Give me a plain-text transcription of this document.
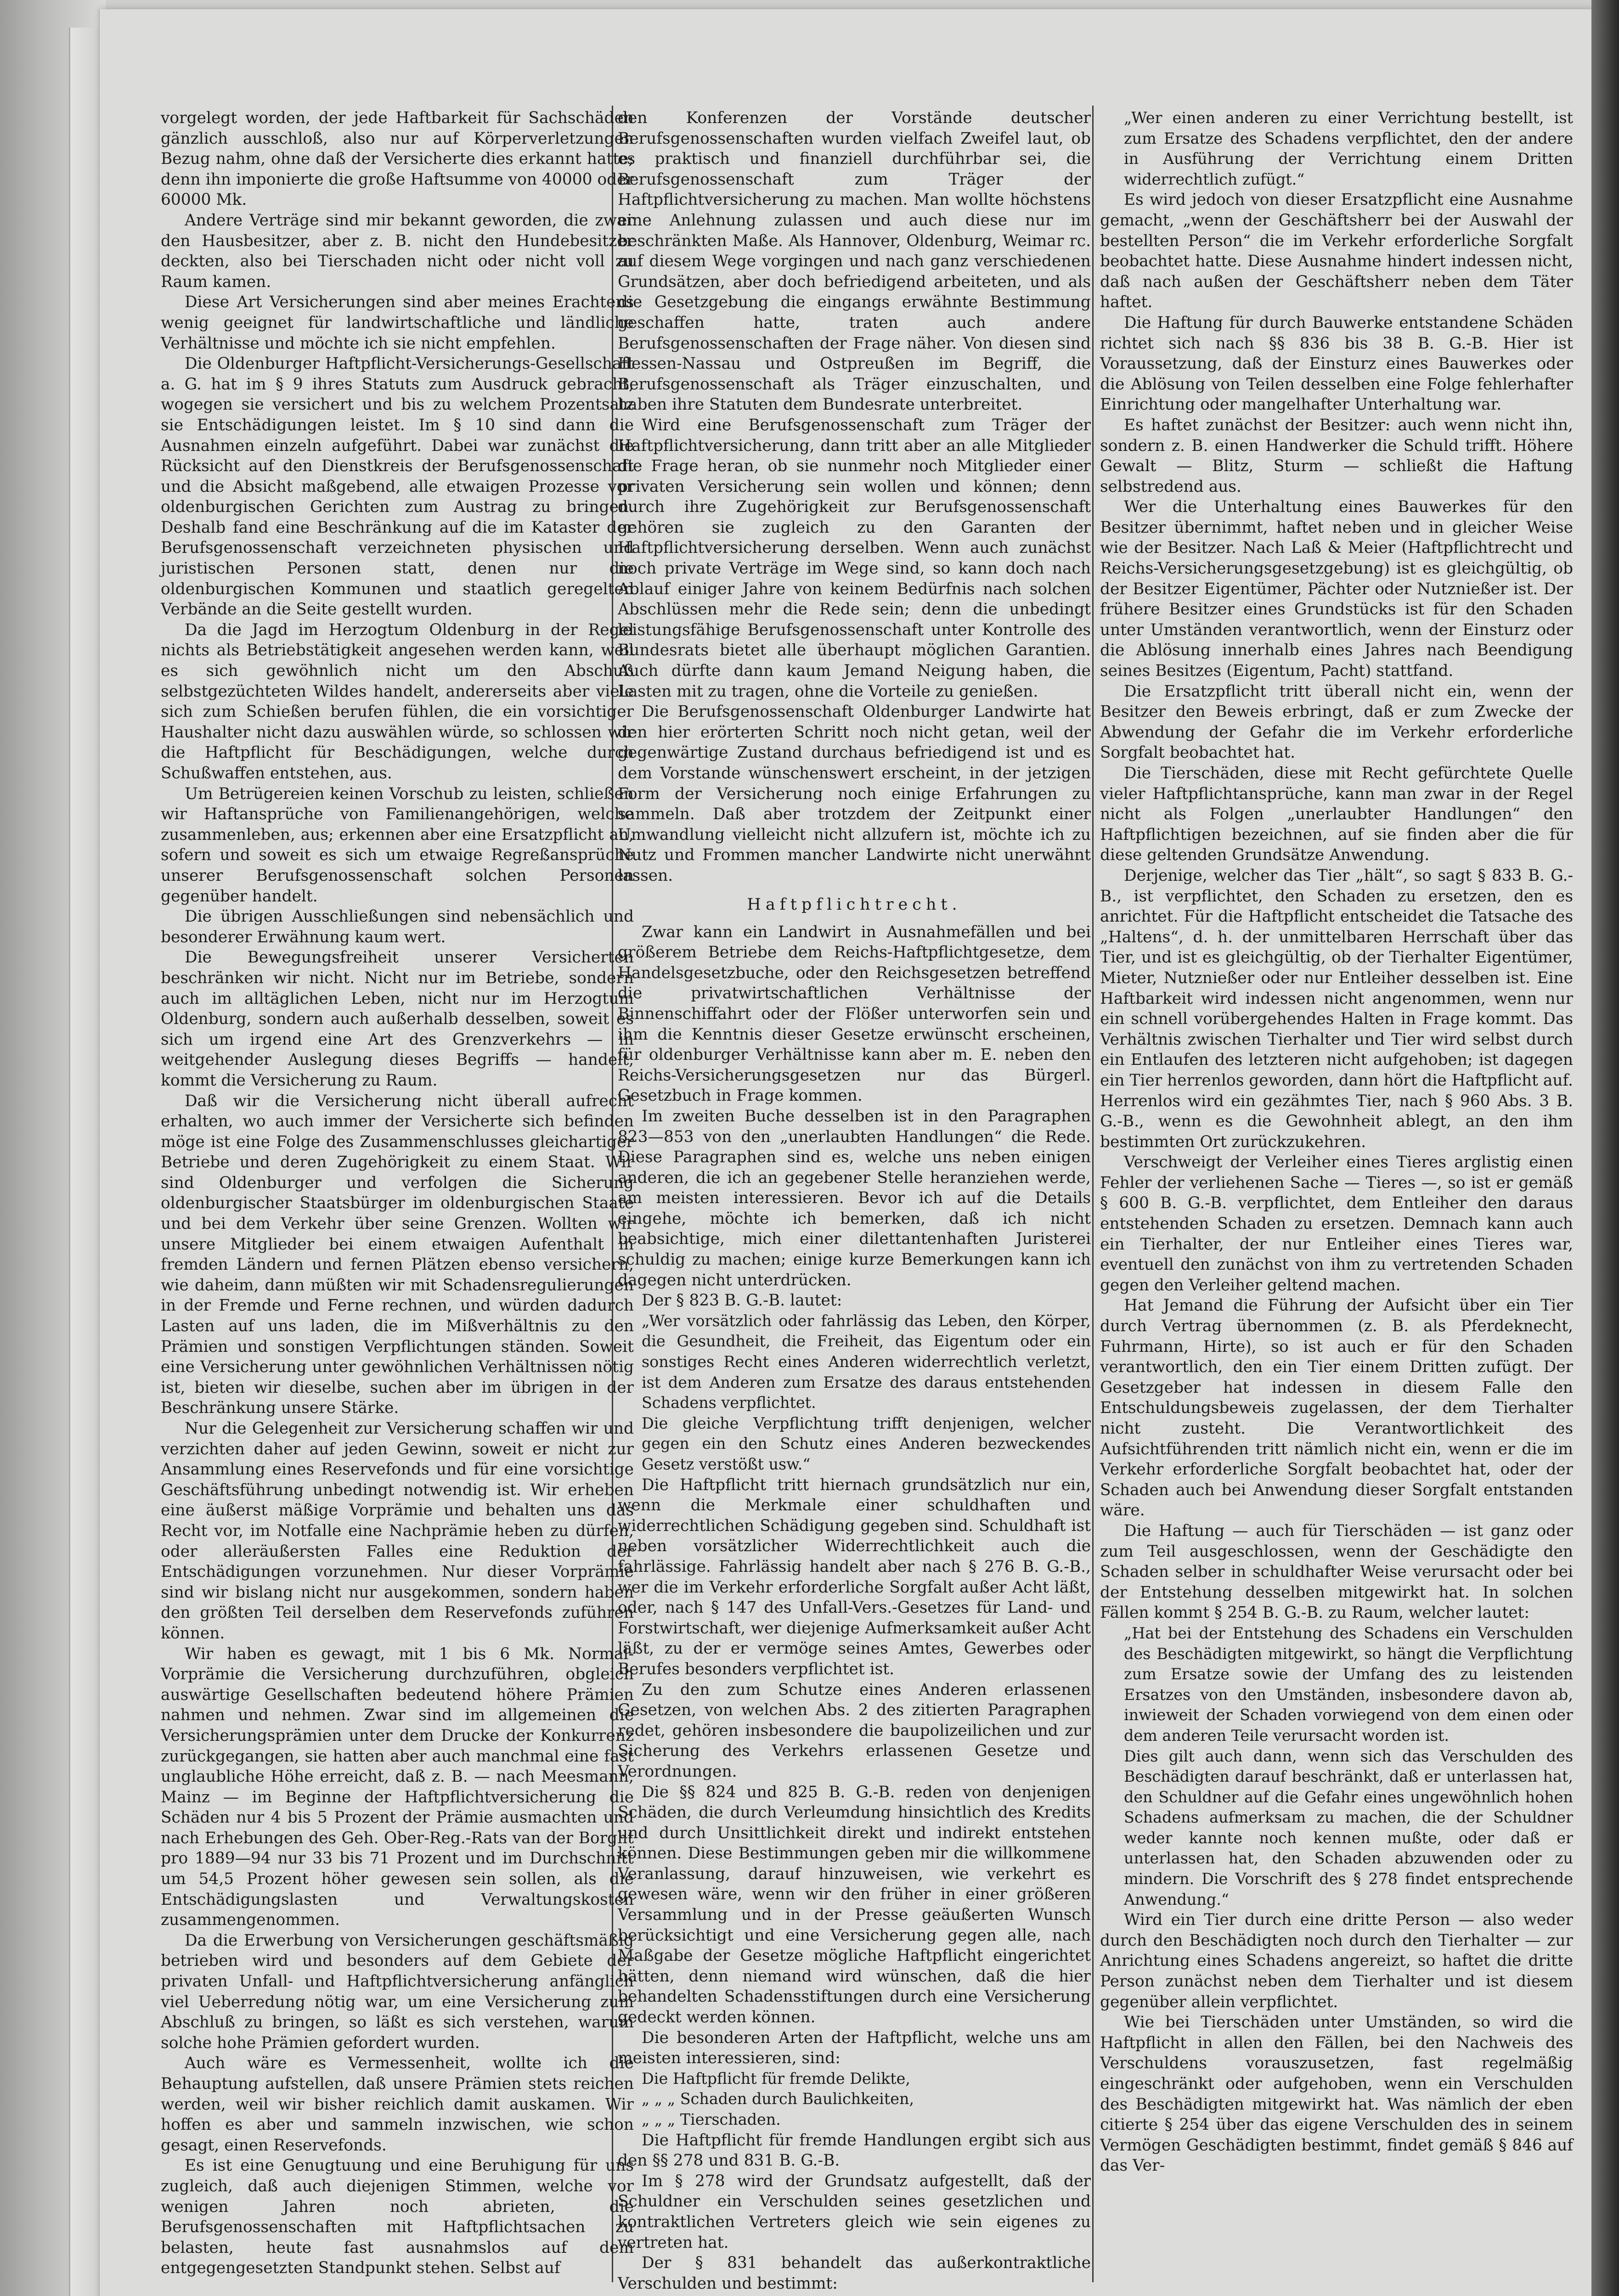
vorgelegt worden, der jede Haftbarkeit für Sachschäden gänzlich ausschloß, also nur auf Körperverletzungen Bezug nahm, ohne daß der Versicherte dies erkannt hatte; denn ihn imponierte die große Haftsumme von 40000 oder 60000 Mk.

Andere Verträge sind mir bekannt geworden, die zwar den Hausbesitzer, aber z. B. nicht den Hundebesitzer deckten, also bei Tierschaden nicht oder nicht voll zu Raum kamen.

Diese Art Versicherungen sind aber meines Erachtens wenig geeignet für landwirtschaftliche und ländliche Verhältnisse und möchte ich sie nicht empfehlen.

Die Oldenburger Haftpflicht-Versicherungs-Gesellschaft a. G. hat im § 9 ihres Statuts zum Ausdruck gebracht, wogegen sie versichert und bis zu welchem Prozentsatz sie Entschädigungen leistet. Im § 10 sind dann die Ausnahmen einzeln aufgeführt. Dabei war zunächst die Rücksicht auf den Dienstkreis der Berufsgenossenschaft und die Absicht maßgebend, alle etwaigen Prozesse vor oldenburgischen Gerichten zum Austrag zu bringen. Deshalb fand eine Beschränkung auf die im Kataster der Berufsgenossenschaft verzeichneten physischen und juristischen Personen statt, denen nur die oldenburgischen Kommunen und staatlich geregelten Verbände an die Seite gestellt wurden.

Da die Jagd im Herzogtum Oldenburg in der Regel nichts als Betriebstätigkeit angesehen werden kann, weil es sich gewöhnlich nicht um den Abschuß selbstgezüchteten Wildes handelt, andererseits aber viele sich zum Schießen berufen fühlen, die ein vorsichtiger Haushalter nicht dazu auswählen würde, so schlossen wir die Haftpflicht für Beschädigungen, welche durch Schußwaffen entstehen, aus.

Um Betrügereien keinen Vorschub zu leisten, schließen wir Haftansprüche von Familienangehörigen, welche zusammenleben, aus; erkennen aber eine Ersatzpflicht an, sofern und soweit es sich um etwaige Regreßansprüche unserer Berufsgenossenschaft solchen Personen gegenüber handelt.

Die übrigen Ausschließungen sind nebensächlich und besonderer Erwähnung kaum wert.

Die Bewegungsfreiheit unserer Versicherten beschränken wir nicht. Nicht nur im Betriebe, sondern auch im alltäglichen Leben, nicht nur im Herzogtum Oldenburg, sondern auch außerhalb desselben, soweit es sich um irgend eine Art des Grenzverkehrs — in weitgehender Auslegung dieses Begriffs — handelt, kommt die Versicherung zu Raum.

Daß wir die Versicherung nicht überall aufrecht erhalten, wo auch immer der Versicherte sich befinden möge ist eine Folge des Zusammenschlusses gleichartiger Betriebe und deren Zugehörigkeit zu einem Staat. Wir sind Oldenburger und verfolgen die Sicherung oldenburgischer Staatsbürger im oldenburgischen Staate und bei dem Verkehr über seine Grenzen. Wollten wir unsere Mitglieder bei einem etwaigen Aufenthalt in fremden Ländern und fernen Plätzen ebenso versichern, wie daheim, dann müßten wir mit Schadensregulierungen in der Fremde und Ferne rechnen, und würden dadurch Lasten auf uns laden, die im Mißverhältnis zu den Prämien und sonstigen Verpflichtungen ständen. Soweit eine Versicherung unter gewöhnlichen Verhältnissen nötig ist, bieten wir dieselbe, suchen aber im übrigen in der Beschränkung unsere Stärke.

Nur die Gelegenheit zur Versicherung schaffen wir und verzichten daher auf jeden Gewinn, soweit er nicht zur Ansammlung eines Reservefonds und für eine vorsichtige Geschäftsführung unbedingt notwendig ist. Wir erheben eine äußerst mäßige Vorprämie und behalten uns das Recht vor, im Notfalle eine Nachprämie heben zu dürfen, oder alleräußersten Falles eine Reduktion der Entschädigungen vorzunehmen. Nur dieser Vorprämie sind wir bislang nicht nur ausgekommen, sondern haben den größten Teil derselben dem Reservefonds zuführen können.

Wir haben es gewagt, mit 1 bis 6 Mk. Normal-Vorprämie die Versicherung durchzuführen, obgleich auswärtige Gesellschaften bedeutend höhere Prämien nahmen und nehmen. Zwar sind im allgemeinen die Versicherungsprämien unter dem Drucke der Konkurrenz zurückgegangen, sie hatten aber auch manchmal eine fast unglaubliche Höhe erreicht, daß z. B. — nach Meesmann, Mainz — im Beginne der Haftpflichtversicherung die Schäden nur 4 bis 5 Prozent der Prämie ausmachten und nach Erhebungen des Geh. Ober-Reg.-Rats van der Borght pro 1889—94 nur 33 bis 71 Prozent und im Durchschnitt um 54,5 Prozent höher gewesen sein sollen, als die Entschädigungslasten und Verwaltungskosten zusammengenommen.

Da die Erwerbung von Versicherungen geschäftsmäßig betrieben wird und besonders auf dem Gebiete der privaten Unfall- und Haftpflichtversicherung anfänglich viel Ueberredung nötig war, um eine Versicherung zum Abschluß zu bringen, so läßt es sich verstehen, warum solche hohe Prämien gefordert wurden.

Auch wäre es Vermessenheit, wollte ich die Behauptung aufstellen, daß unsere Prämien stets reichen werden, weil wir bisher reichlich damit auskamen. Wir hoffen es aber und sammeln inzwischen, wie schon gesagt, einen Reservefonds.

Es ist eine Genugtuung und eine Beruhigung für uns zugleich, daß auch diejenigen Stimmen, welche vor wenigen Jahren noch abrieten, die Berufsgenossenschaften mit Haftpflichtsachen zu belasten, heute fast ausnahmslos auf dem entgegengesetzten Standpunkt stehen. Selbst auf

den Konferenzen der Vorstände deutscher Berufsgenossenschaften wurden vielfach Zweifel laut, ob es praktisch und finanziell durchführbar sei, die Berufsgenossenschaft zum Träger der Haftpflichtversicherung zu machen. Man wollte höchstens eine Anlehnung zulassen und auch diese nur im beschränkten Maße. Als Hannover, Oldenburg, Weimar rc. auf diesem Wege vorgingen und nach ganz verschiedenen Grundsätzen, aber doch befriedigend arbeiteten, und als die Gesetzgebung die eingangs erwähnte Bestimmung geschaffen hatte, traten auch andere Berufsgenossenschaften der Frage näher. Von diesen sind Hessen-Nassau und Ostpreußen im Begriff, die Berufsgenossenschaft als Träger einzuschalten, und haben ihre Statuten dem Bundesrate unterbreitet.

Wird eine Berufsgenossenschaft zum Träger der Haftpflichtversicherung, dann tritt aber an alle Mitglieder die Frage heran, ob sie nunmehr noch Mitglieder einer privaten Versicherung sein wollen und können; denn durch ihre Zugehörigkeit zur Berufsgenossenschaft gehören sie zugleich zu den Garanten der Haftpflichtversicherung derselben. Wenn auch zunächst noch private Verträge im Wege sind, so kann doch nach Ablauf einiger Jahre von keinem Bedürfnis nach solchen Abschlüssen mehr die Rede sein; denn die unbedingt leistungsfähige Berufsgenossenschaft unter Kontrolle des Bundesrats bietet alle überhaupt möglichen Garantien. Auch dürfte dann kaum Jemand Neigung haben, die Lasten mit zu tragen, ohne die Vorteile zu genießen.

Die Berufsgenossenschaft Oldenburger Landwirte hat den hier erörterten Schritt noch nicht getan, weil der gegenwärtige Zustand durchaus befriedigend ist und es dem Vorstande wünschenswert erscheint, in der jetzigen Form der Versicherung noch einige Erfahrungen zu sammeln. Daß aber trotzdem der Zeitpunkt einer Umwandlung vielleicht nicht allzufern ist, möchte ich zu Nutz und Frommen mancher Landwirte nicht unerwähnt lassen.

Haftpflichtrecht.

Zwar kann ein Landwirt in Ausnahmefällen und bei größerem Betriebe dem Reichs-Haftpflichtgesetze, dem Handelsgesetzbuche, oder den Reichsgesetzen betreffend die privatwirtschaftlichen Verhältnisse der Binnenschiffahrt oder der Flößer unterworfen sein und ihm die Kenntnis dieser Gesetze erwünscht erscheinen, für oldenburger Verhältnisse kann aber m. E. neben den Reichs-Versicherungsgesetzen nur das Bürgerl. Gesetzbuch in Frage kommen.

Im zweiten Buche desselben ist in den Paragraphen 823—853 von den „unerlaubten Handlungen“ die Rede. Diese Paragraphen sind es, welche uns neben einigen anderen, die ich an gegebener Stelle heranziehen werde, am meisten interessieren. Bevor ich auf die Details eingehe, möchte ich bemerken, daß ich nicht beabsichtige, mich einer dilettantenhaften Juristerei schuldig zu machen; einige kurze Bemerkungen kann ich dagegen nicht unterdrücken.

Der § 823 B. G.-B. lautet:

„Wer vorsätzlich oder fahrlässig das Leben, den Körper, die Gesundheit, die Freiheit, das Eigentum oder ein sonstiges Recht eines Anderen widerrechtlich verletzt, ist dem Anderen zum Ersatze des daraus entstehenden Schadens verpflichtet.

Die gleiche Verpflichtung trifft denjenigen, welcher gegen ein den Schutz eines Anderen bezweckendes Gesetz verstößt usw.“

Die Haftpflicht tritt hiernach grundsätzlich nur ein, wenn die Merkmale einer schuldhaften und widerrechtlichen Schädigung gegeben sind. Schuldhaft ist neben vorsätzlicher Widerrechtlichkeit auch die fahrlässige. Fahrlässig handelt aber nach § 276 B. G.-B., wer die im Verkehr erforderliche Sorgfalt außer Acht läßt, oder, nach § 147 des Unfall-Vers.-Gesetzes für Land- und Forstwirtschaft, wer diejenige Aufmerksamkeit außer Acht läßt, zu der er vermöge seines Amtes, Gewerbes oder Berufes besonders verpflichtet ist.

Zu den zum Schutze eines Anderen erlassenen Gesetzen, von welchen Abs. 2 des zitierten Paragraphen redet, gehören insbesondere die baupolizeilichen und zur Sicherung des Verkehrs erlassenen Gesetze und Verordnungen.

Die §§ 824 und 825 B. G.-B. reden von denjenigen Schäden, die durch Verleumdung hinsichtlich des Kredits und durch Unsittlichkeit direkt und indirekt entstehen können. Diese Bestimmungen geben mir die willkommene Veranlassung, darauf hinzuweisen, wie verkehrt es gewesen wäre, wenn wir den früher in einer größeren Versammlung und in der Presse geäußerten Wunsch berücksichtigt und eine Versicherung gegen alle, nach Maßgabe der Gesetze mögliche Haftpflicht eingerichtet hätten, denn niemand wird wünschen, daß die hier behandelten Schadensstiftungen durch eine Versicherung gedeckt werden können.

Die besonderen Arten der Haftpflicht, welche uns am meisten interessieren, sind:

Die Haftpflicht für fremde Delikte,

„ „ „ Schaden durch Baulichkeiten,

„ „ „ Tierschaden.

Die Haftpflicht für fremde Handlungen ergibt sich aus den §§ 278 und 831 B. G.-B.

Im § 278 wird der Grundsatz aufgestellt, daß der Schuldner ein Verschulden seines gesetzlichen und kontraktlichen Vertreters gleich wie sein eigenes zu vertreten hat.

Der § 831 behandelt das außerkontraktliche Verschulden und bestimmt:

„Wer einen anderen zu einer Verrichtung bestellt, ist zum Ersatze des Schadens verpflichtet, den der andere in Ausführung der Verrichtung einem Dritten widerrechtlich zufügt.“

Es wird jedoch von dieser Ersatzpflicht eine Ausnahme gemacht, „wenn der Geschäftsherr bei der Auswahl der bestellten Person“ die im Verkehr erforderliche Sorgfalt beobachtet hatte. Diese Ausnahme hindert indessen nicht, daß nach außen der Geschäftsherr neben dem Täter haftet.

Die Haftung für durch Bauwerke entstandene Schäden richtet sich nach §§ 836 bis 38 B. G.-B. Hier ist Voraussetzung, daß der Einsturz eines Bauwerkes oder die Ablösung von Teilen desselben eine Folge fehlerhafter Einrichtung oder mangelhafter Unterhaltung war.

Es haftet zunächst der Besitzer: auch wenn nicht ihn, sondern z. B. einen Handwerker die Schuld trifft. Höhere Gewalt — Blitz, Sturm — schließt die Haftung selbstredend aus.

Wer die Unterhaltung eines Bauwerkes für den Besitzer übernimmt, haftet neben und in gleicher Weise wie der Besitzer. Nach Laß & Meier (Haftpflichtrecht und Reichs-Versicherungsgesetzgebung) ist es gleichgültig, ob der Besitzer Eigentümer, Pächter oder Nutznießer ist. Der frühere Besitzer eines Grundstücks ist für den Schaden unter Umständen verantwortlich, wenn der Einsturz oder die Ablösung innerhalb eines Jahres nach Beendigung seines Besitzes (Eigentum, Pacht) stattfand.

Die Ersatzpflicht tritt überall nicht ein, wenn der Besitzer den Beweis erbringt, daß er zum Zwecke der Abwendung der Gefahr die im Verkehr erforderliche Sorgfalt beobachtet hat.

Die Tierschäden, diese mit Recht gefürchtete Quelle vieler Haftpflichtansprüche, kann man zwar in der Regel nicht als Folgen „unerlaubter Handlungen“ den Haftpflichtigen bezeichnen, auf sie finden aber die für diese geltenden Grundsätze Anwendung.

Derjenige, welcher das Tier „hält“, so sagt § 833 B. G.-B., ist verpflichtet, den Schaden zu ersetzen, den es anrichtet. Für die Haftpflicht entscheidet die Tatsache des „Haltens“, d. h. der unmittelbaren Herrschaft über das Tier, und ist es gleichgültig, ob der Tierhalter Eigentümer, Mieter, Nutznießer oder nur Entleiher desselben ist. Eine Haftbarkeit wird indessen nicht angenommen, wenn nur ein schnell vorübergehendes Halten in Frage kommt. Das Verhältnis zwischen Tierhalter und Tier wird selbst durch ein Entlaufen des letzteren nicht aufgehoben; ist dagegen ein Tier herrenlos geworden, dann hört die Haftpflicht auf. Herrenlos wird ein gezähmtes Tier, nach § 960 Abs. 3 B. G.-B., wenn es die Gewohnheit ablegt, an den ihm bestimmten Ort zurückzukehren.

Verschweigt der Verleiher eines Tieres arglistig einen Fehler der verliehenen Sache — Tieres —, so ist er gemäß § 600 B. G.-B. verpflichtet, dem Entleiher den daraus entstehenden Schaden zu ersetzen. Demnach kann auch ein Tierhalter, der nur Entleiher eines Tieres war, eventuell den zunächst von ihm zu vertretenden Schaden gegen den Verleiher geltend machen.

Hat Jemand die Führung der Aufsicht über ein Tier durch Vertrag übernommen (z. B. als Pferdeknecht, Fuhrmann, Hirte), so ist auch er für den Schaden verantwortlich, den ein Tier einem Dritten zufügt. Der Gesetzgeber hat indessen in diesem Falle den Entschuldungsbeweis zugelassen, der dem Tierhalter nicht zusteht. Die Verantwortlichkeit des Aufsichtführenden tritt nämlich nicht ein, wenn er die im Verkehr erforderliche Sorgfalt beobachtet hat, oder der Schaden auch bei Anwendung dieser Sorgfalt entstanden wäre.

Die Haftung — auch für Tierschäden — ist ganz oder zum Teil ausgeschlossen, wenn der Geschädigte den Schaden selber in schuldhafter Weise verursacht oder bei der Entstehung desselben mitgewirkt hat. In solchen Fällen kommt § 254 B. G.-B. zu Raum, welcher lautet:

„Hat bei der Entstehung des Schadens ein Verschulden des Beschädigten mitgewirkt, so hängt die Verpflichtung zum Ersatze sowie der Umfang des zu leistenden Ersatzes von den Umständen, insbesondere davon ab, inwieweit der Schaden vorwiegend von dem einen oder dem anderen Teile verursacht worden ist.

Dies gilt auch dann, wenn sich das Verschulden des Beschädigten darauf beschränkt, daß er unterlassen hat, den Schuldner auf die Gefahr eines ungewöhnlich hohen Schadens aufmerksam zu machen, die der Schuldner weder kannte noch kennen mußte, oder daß er unterlassen hat, den Schaden abzuwenden oder zu mindern. Die Vorschrift des § 278 findet entsprechende Anwendung.“

Wird ein Tier durch eine dritte Person — also weder durch den Beschädigten noch durch den Tierhalter — zur Anrichtung eines Schadens angereizt, so haftet die dritte Person zunächst neben dem Tierhalter und ist diesem gegenüber allein verpflichtet.

Wie bei Tierschäden unter Umständen, so wird die Haftpflicht in allen den Fällen, bei den Nachweis des Verschuldens vorauszusetzen, fast regelmäßig eingeschränkt oder aufgehoben, wenn ein Verschulden des Beschädigten mitgewirkt hat. Was nämlich der eben citierte § 254 über das eigene Verschulden des in seinem Vermögen Geschädigten bestimmt, findet gemäß § 846 auf das Ver-
